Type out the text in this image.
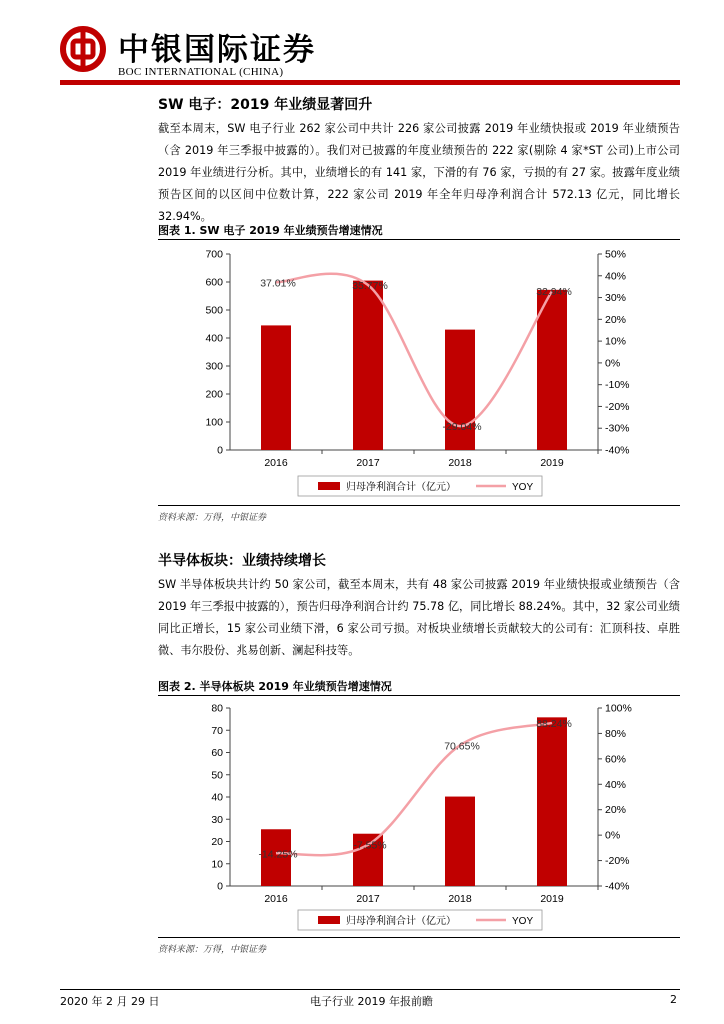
中银国际证券
BOC INTERNATIONAL (CHINA)
SW 电子：2019 年业绩显著回升
截至本周末，SW 电子行业 262 家公司中共计 226 家公司披露 2019 年业绩快报或 2019 年业绩预告（含 2019 年三季报中披露的）。我们对已披露的年度业绩预告的 222 家(剔除 4 家*ST 公司)上市公司 2019 年业绩进行分析。其中，业绩增长的有 141 家，下滑的有 76 家，亏损的有 27 家。披露年度业绩预告区间的以区间中位数计算，222 家公司 2019 年全年归母净利润合计 572.13 亿元，同比增长 32.94%。
图表 1. SW 电子 2019 年业绩预告增速情况
0
100
200
300
400
500
600
700
-40%
-30%
-20%
-10%
0%
10%
20%
30%
40%
50%
2016	2017	2018	2019
37.01%	35.77%
-29.04%
32.94%
归母净利润合计（亿元）	YOY
资料来源：万得，中银证券
半导体板块：业绩持续增长
SW 半导体板块共计约 50 家公司，截至本周末，共有 48 家公司披露 2019 年业绩快报或业绩预告（含 2019 年三季报中披露的），预告归母净利润合计约 75.78 亿，同比增长 88.24%。其中，32 家公司业绩同比正增长，15 家公司业绩下滑，6 家公司亏损。对板块业绩增长贡献较大的公司有：汇顶科技、卓胜微、韦尔股份、兆易创新、澜起科技等。
图表 2. 半导体板块 2019 年业绩预告增速情况
0
10
20
30
40
50
60
70
80
-40%
-20%
0%
20%
40%
60%
80%
100%
2016	2017	2018	2019
-14.25%
-7.55%
70.65%
88.24%
归母净利润合计（亿元）	YOY
资料来源：万得，中银证券
2020 年 2 月 29 日	电子行业 2019 年报前瞻	2
